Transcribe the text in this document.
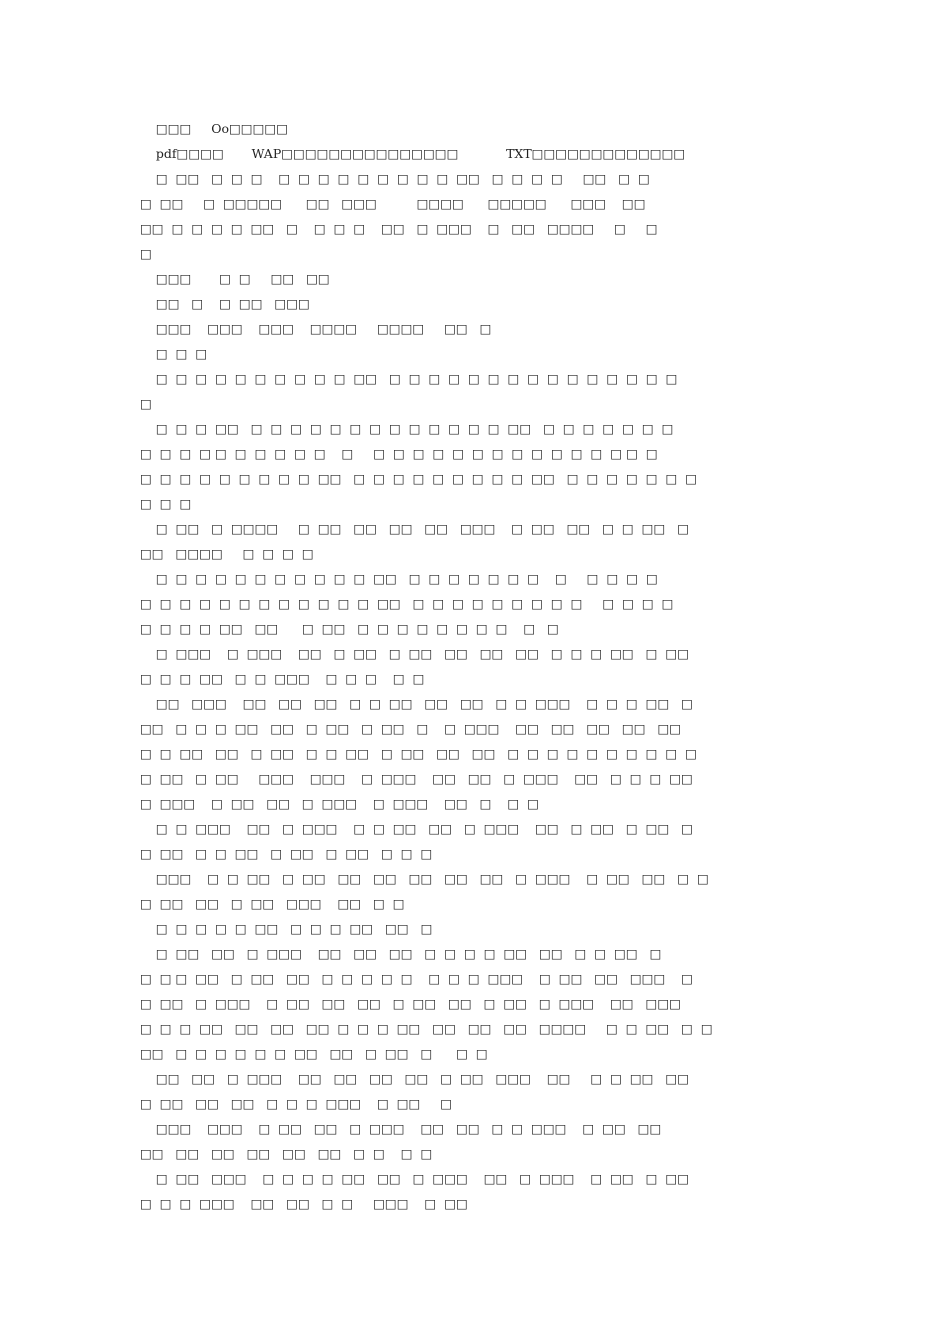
□□□     Oo□□□□□
pdf□□□□       WAP□□□□□□□□□□□□□□□            TXT□□□□□□□□□□□□□
□  □□   □  □  □    □  □  □  □  □  □  □  □  □  □□   □  □  □  □     □□   □  □
□  □□     □  □□□□□      □□   □□□          □□□□      □□□□□      □□□    □□
□□  □  □  □  □  □□   □    □  □  □    □□   □  □□□    □   □□   □□□□     □     □
□
□□□       □  □     □□   □□
□□   □    □  □□   □□□
□□□    □□□    □□□    □□□□     □□□□     □□   □
□  □  □
□  □  □  □  □  □  □  □  □  □  □□   □  □  □  □  □  □  □  □  □  □  □  □  □  □  □
□
□  □  □  □□   □  □  □  □  □  □  □  □  □  □  □  □  □  □□   □  □  □  □  □  □  □
□  □  □  □ □  □  □  □  □  □    □     □  □  □  □  □  □  □  □  □  □  □  □  □ □  □
□  □  □  □  □  □  □  □  □  □□   □  □  □  □  □  □  □  □  □  □□   □  □  □  □  □  □  □
□  □  □
□  □□   □  □□□□     □  □□   □□   □□   □□   □□□    □  □□   □□   □  □  □□   □
□□   □□□□     □  □  □  □
□  □  □  □  □  □  □  □  □  □  □  □□   □  □  □  □  □  □  □    □     □  □  □  □
□  □  □  □  □  □  □  □  □  □  □  □  □□   □  □  □  □  □  □  □  □  □     □  □  □  □
□  □  □  □  □□   □□      □  □□   □  □  □  □  □  □  □  □    □   □
□  □□□    □  □□□    □□   □  □□   □  □□   □□   □□   □□   □  □  □  □□   □  □□
□  □  □  □□   □  □  □□□    □  □  □    □  □
□□   □□□    □□   □□   □□   □  □  □□   □□   □□   □  □  □□□    □  □  □  □□   □
□□   □  □  □  □□   □□   □  □□   □  □□   □    □  □□□    □□   □□   □□   □□   □□
□  □  □□   □□   □  □□   □  □  □□   □  □□   □□   □□   □  □  □  □  □  □  □  □  □  □
□  □□   □  □□     □□□    □□□    □  □□□    □□   □□   □  □□□    □□   □  □  □  □□
□  □□□    □  □□   □□   □  □□□    □  □□□    □□   □    □  □
□  □  □□□    □□   □  □□□    □  □  □□   □□   □  □□□    □□   □  □□   □  □□   □
□  □□   □  □  □□   □  □□   □  □□   □  □  □
□□□    □  □  □□   □  □□   □□   □□   □□   □□   □□   □  □□□    □  □□   □□   □  □
□  □□   □□   □  □□   □□□    □□   □  □
□  □  □  □  □  □□   □  □  □  □□   □□   □
□  □□   □□   □  □□□    □□   □□   □□   □  □  □  □  □□   □□   □  □  □□   □
□  □ □  □□   □  □□   □□   □  □  □  □  □    □  □  □  □□□    □  □□   □□   □□□    □
□  □□   □  □□□    □  □□   □□   □□   □  □□   □□   □  □□   □  □□□    □□   □□□
□  □  □  □□   □□   □□   □□  □  □  □  □□   □□   □□   □□   □□□□     □  □  □□   □  □
□□   □  □  □  □  □  □  □□   □□   □  □□   □      □  □
□□   □□   □  □□□    □□   □□   □□   □□   □  □□   □□□    □□     □  □  □□   □□
□  □□   □□   □□   □  □  □  □□□    □  □□     □
□□□    □□□    □  □□   □□   □  □□□    □□   □□   □  □  □□□    □  □□   □□
□□   □□   □□   □□   □□   □□   □  □    □  □
□  □□   □□□    □  □  □  □  □□   □□   □  □□□    □□   □  □□□    □  □□   □  □□
□  □  □  □□□    □□   □□   □  □     □□□    □  □□
